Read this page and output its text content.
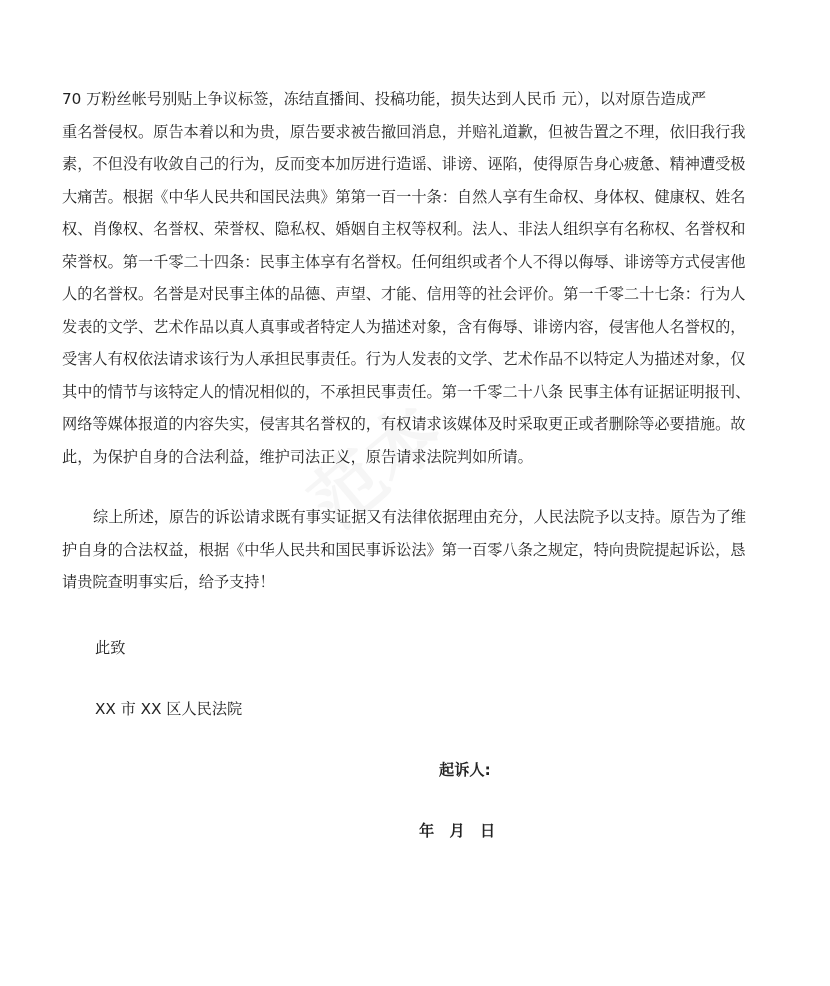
70 万粉丝帐号别贴上争议标签，冻结直播间、投稿功能，损失达到人民币 元），以对原告造成严
重名誉侵权。原告本着以和为贵，原告要求被告撤回消息，并赔礼道歉，但被告置之不理，依旧我行我
素，不但没有收敛自己的行为，反而变本加厉进行造谣、诽谤、诬陷，使得原告身心疲惫、精神遭受极
大痛苦。根据《中华人民共和国民法典》第第一百一十条：自然人享有生命权、身体权、健康权、姓名
权、肖像权、名誉权、荣誉权、隐私权、婚姻自主权等权利。法人、非法人组织享有名称权、名誉权和
荣誉权。第一千零二十四条：民事主体享有名誉权。任何组织或者个人不得以侮辱、诽谤等方式侵害他
人的名誉权。名誉是对民事主体的品德、声望、才能、信用等的社会评价。第一千零二十七条：行为人
发表的文学、艺术作品以真人真事或者特定人为描述对象，含有侮辱、诽谤内容，侵害他人名誉权的，
受害人有权依法请求该行为人承担民事责任。行为人发表的文学、艺术作品不以特定人为描述对象，仅
其中的情节与该特定人的情况相似的，不承担民事责任。第一千零二十八条 民事主体有证据证明报刊、
网络等媒体报道的内容失实，侵害其名誉权的，有权请求该媒体及时采取更正或者删除等必要措施。故
此，为保护自身的合法利益，维护司法正义，原告请求法院判如所请。
综上所述，原告的诉讼请求既有事实证据又有法律依据理由充分，人民法院予以支持。原告为了维
护自身的合法权益，根据《中华人民共和国民事诉讼法》第一百零八条之规定，特向贵院提起诉讼，恳
请贵院查明事实后，给予支持！

此致

XX 市 XX 区人民法院

起诉人:

年 月 日
